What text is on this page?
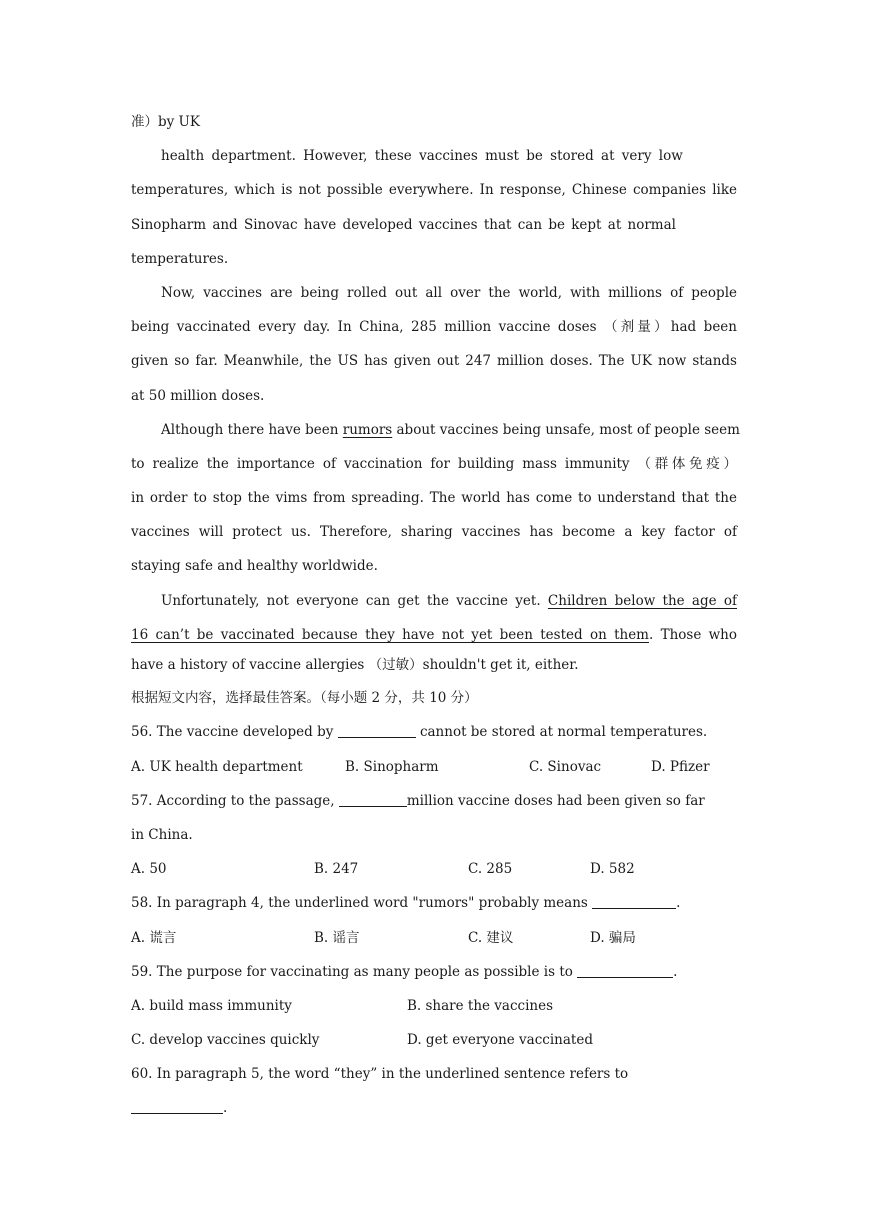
准）by UK
health department. However, these vaccines must be stored at very low
temperatures, which is not possible everywhere. In response, Chinese companies like
Sinopharm and Sinovac have developed vaccines that can be kept at normal
temperatures.
Now, vaccines are being rolled out all over the world, with millions of people
being vaccinated every day. In China, 285 million vaccine doses （剂量）had been
given so far. Meanwhile, the US has given out 247 million doses. The UK now stands
at 50 million doses.
Although there have been rumors about vaccines being unsafe, most of people seem
to realize the importance of vaccination for building mass immunity （群体免疫）
in order to stop the vims from spreading. The world has come to understand that the
vaccines will protect us. Therefore, sharing vaccines has become a key factor of
staying safe and healthy worldwide.
Unfortunately, not everyone can get the vaccine yet. Children below the age of
16 can’t be vaccinated because they have not yet been tested on them. Those who
have a history of vaccine allergies （过敏）shouldn't get it, either.
根据短文内容，选择最佳答案。（每小题 2 分，共 10 分）
56. The vaccine developed by	cannot be stored at normal temperatures.
A. UK health department	B. Sinopharm	C. Sinovac	D. Pfizer
57. According to the passage,	million vaccine doses had been given so far
in China.
A. 50	B. 247	C. 285	D. 582
58. In paragraph 4, the underlined word "rumors" probably means	.
A. 谎言	B. 谣言	C. 建议	D. 骗局
59. The purpose for vaccinating as many people as possible is to	.
A. build mass immunity	B. share the vaccines
C. develop vaccines quickly	D. get everyone vaccinated
60. In paragraph 5, the word “they” in the underlined sentence refers to
.
